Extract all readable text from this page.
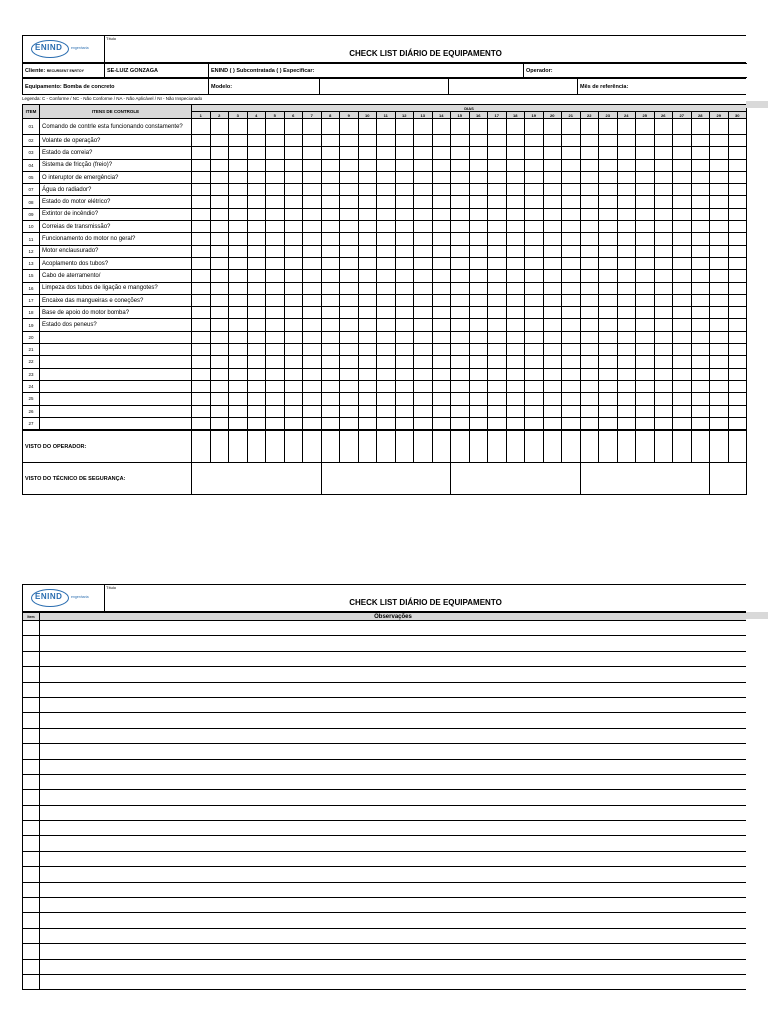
ENIND engenharia

Título
CHECK LIST DIÁRIO DE EQUIPAMENTO
Cliente: RECURSENT ENRTOY	SE-LUIZ GONZAGA	ENIND ( ) Subcontratada ( ) Especificar:	Operador:
Equipamento: Bomba de concreto	Modelo:			Mês de referência:
Legenda: C - Conforme / NC - Não Conforme / NA - Não Aplicável / NI - Não Inspecionado
ITEM	ITENS DE CONTROLE	DIAS																													
		1	2	3	4	5	6	7	8	9	10	11	12	13	14	15	16	17	18	19	20	21	22	23	24	25	26	27	28	29	30
01	Comando de contrle esta funcionando constamente?																														
02	Volante de operação?																														
03	Estado da correia?																														
04	Sistema de fricção (freio)?																														
05	O interuptor de emergência?																														
07	Água do radiador?																														
08	Estado do motor elétrico?																														
09	Extintor de incêndio?																														
10	Correias de transmissão?																														
11	Funcionamento do motor no geral?																														
12	Motor enclausurado?																														
13	Acoplamento dos tubos?																														
15	Cabo de aterramento/																														
16	Limpeza dos tubos de ligação e mangotes?																														
17	Encaixe das mangueiras e coneções?																														
18	Base de apoio do motor bomba?																														
19	Estado dos peneus?																														
20																															
21																															
22																															
23																															
24																															
25																															
26																															
27																															
VISTO DO OPERADOR:																														
VISTO DO TÉCNICO DE SEGURANÇA:																														
ENIND engenharia

Título
CHECK LIST DIÁRIO DE EQUIPAMENTO
Item	Observações
